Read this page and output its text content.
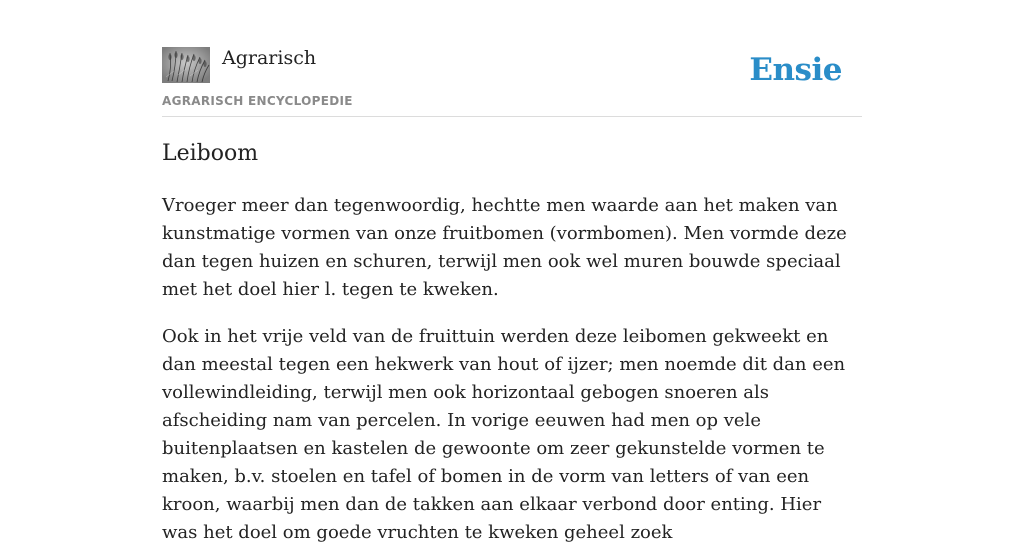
Agrarisch
AGRARISCH ENCYCLOPEDIE
Ensie
Leiboom

Vroeger meer dan tegenwoordig, hechtte men waarde aan het maken van kunstmatige vormen van onze fruitbomen (vormbomen). Men vormde deze dan tegen huizen en schuren, terwijl men ook wel muren bouwde speciaal met het doel hier l. tegen te kweken.

Ook in het vrije veld van de fruittuin werden deze leibomen gekweekt en dan meestal tegen een hekwerk van hout of ijzer; men noemde dit dan een vollewindleiding, terwijl men ook horizontaal gebogen snoeren als afscheiding nam van percelen. In vorige eeuwen had men op vele buitenplaatsen en kastelen de gewoonte om zeer gekunstelde vormen te maken, b.v. stoelen en tafel of bomen in de vorm van letters of van een kroon, waarbij men dan de takken aan elkaar verbond door enting. Hier was het doel om goede vruchten te kweken geheel zoek
